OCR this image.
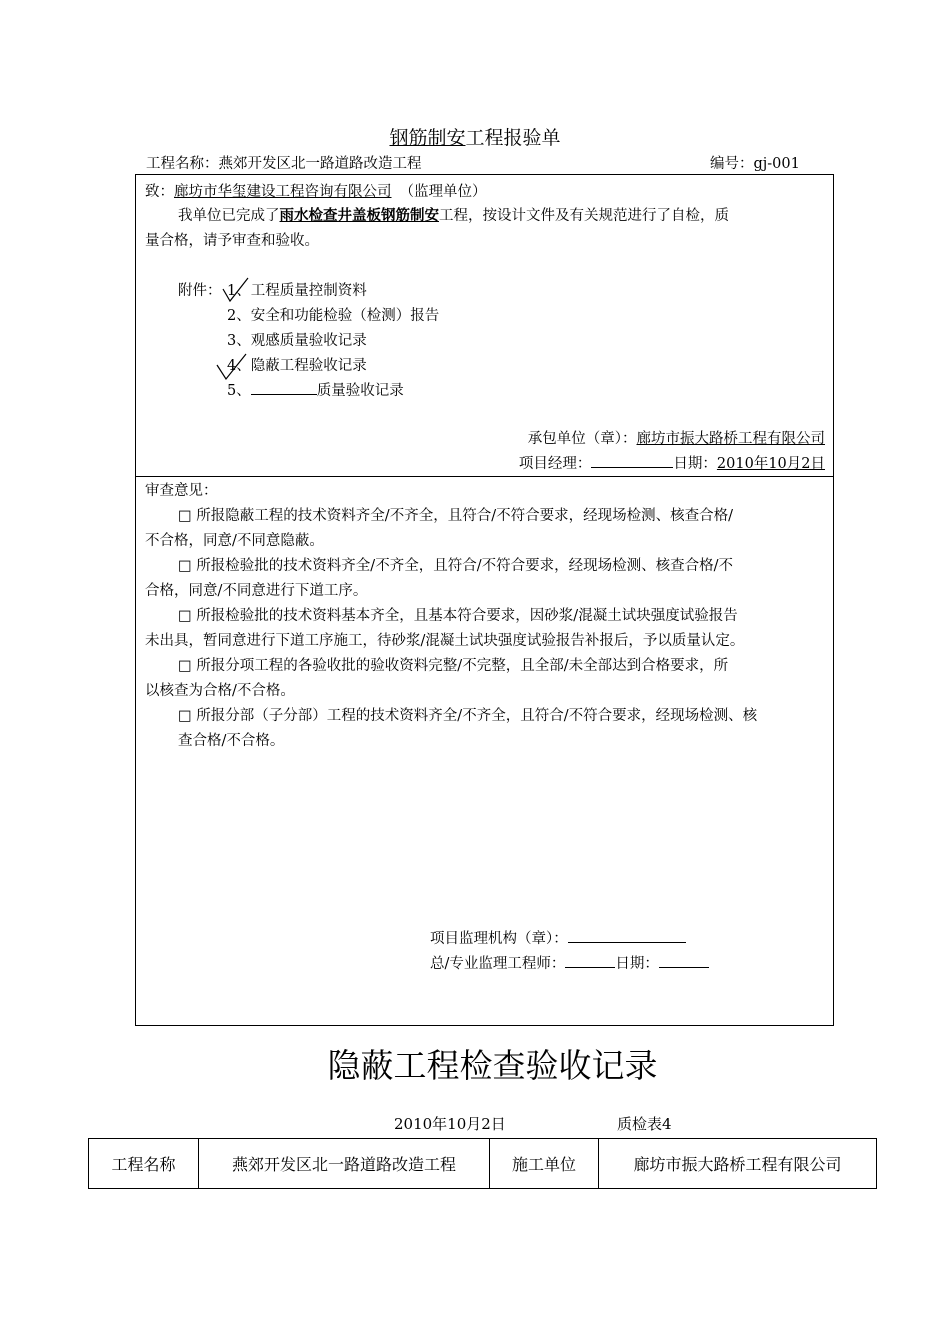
钢筋制安工程报验单
工程名称：燕郊开发区北一路道路改造工程	编号：gj-001
致：廊坊市华玺建设工程咨询有限公司 （监理单位）
我单位已完成了雨水检查井盖板钢筋制安工程，按设计文件及有关规范进行了自检，质
量合格，请予审查和验收。
附件： 1、工程质量控制资料
2、安全和功能检验（检测）报告
3、观感质量验收记录
4、隐蔽工程验收记录
5、	质量验收记录
承包单位（章）：廊坊市振大路桥工程有限公司
项目经理：	日期：2010年10月2日
审查意见：
□ 所报隐蔽工程的技术资料齐全/不齐全，且符合/不符合要求，经现场检测、核查合格/
不合格，同意/不同意隐蔽。
□ 所报检验批的技术资料齐全/不齐全，且符合/不符合要求，经现场检测、核查合格/不
合格，同意/不同意进行下道工序。
□ 所报检验批的技术资料基本齐全，且基本符合要求，因砂浆/混凝土试块强度试验报告
未出具，暂同意进行下道工序施工，待砂浆/混凝土试块强度试验报告补报后，予以质量认定。
□ 所报分项工程的各验收批的验收资料完整/不完整，且全部/未全部达到合格要求，所
以核查为合格/不合格。
□ 所报分部（子分部）工程的技术资料齐全/不齐全，且符合/不符合要求，经现场检测、核
查合格/不合格。
项目监理机构（章）：
总/专业监理工程师：	日期：
隐蔽工程检查验收记录
2010年10月2日	质检表4
工程名称	燕郊开发区北一路道路改造工程	施工单位	廊坊市振大路桥工程有限公司
